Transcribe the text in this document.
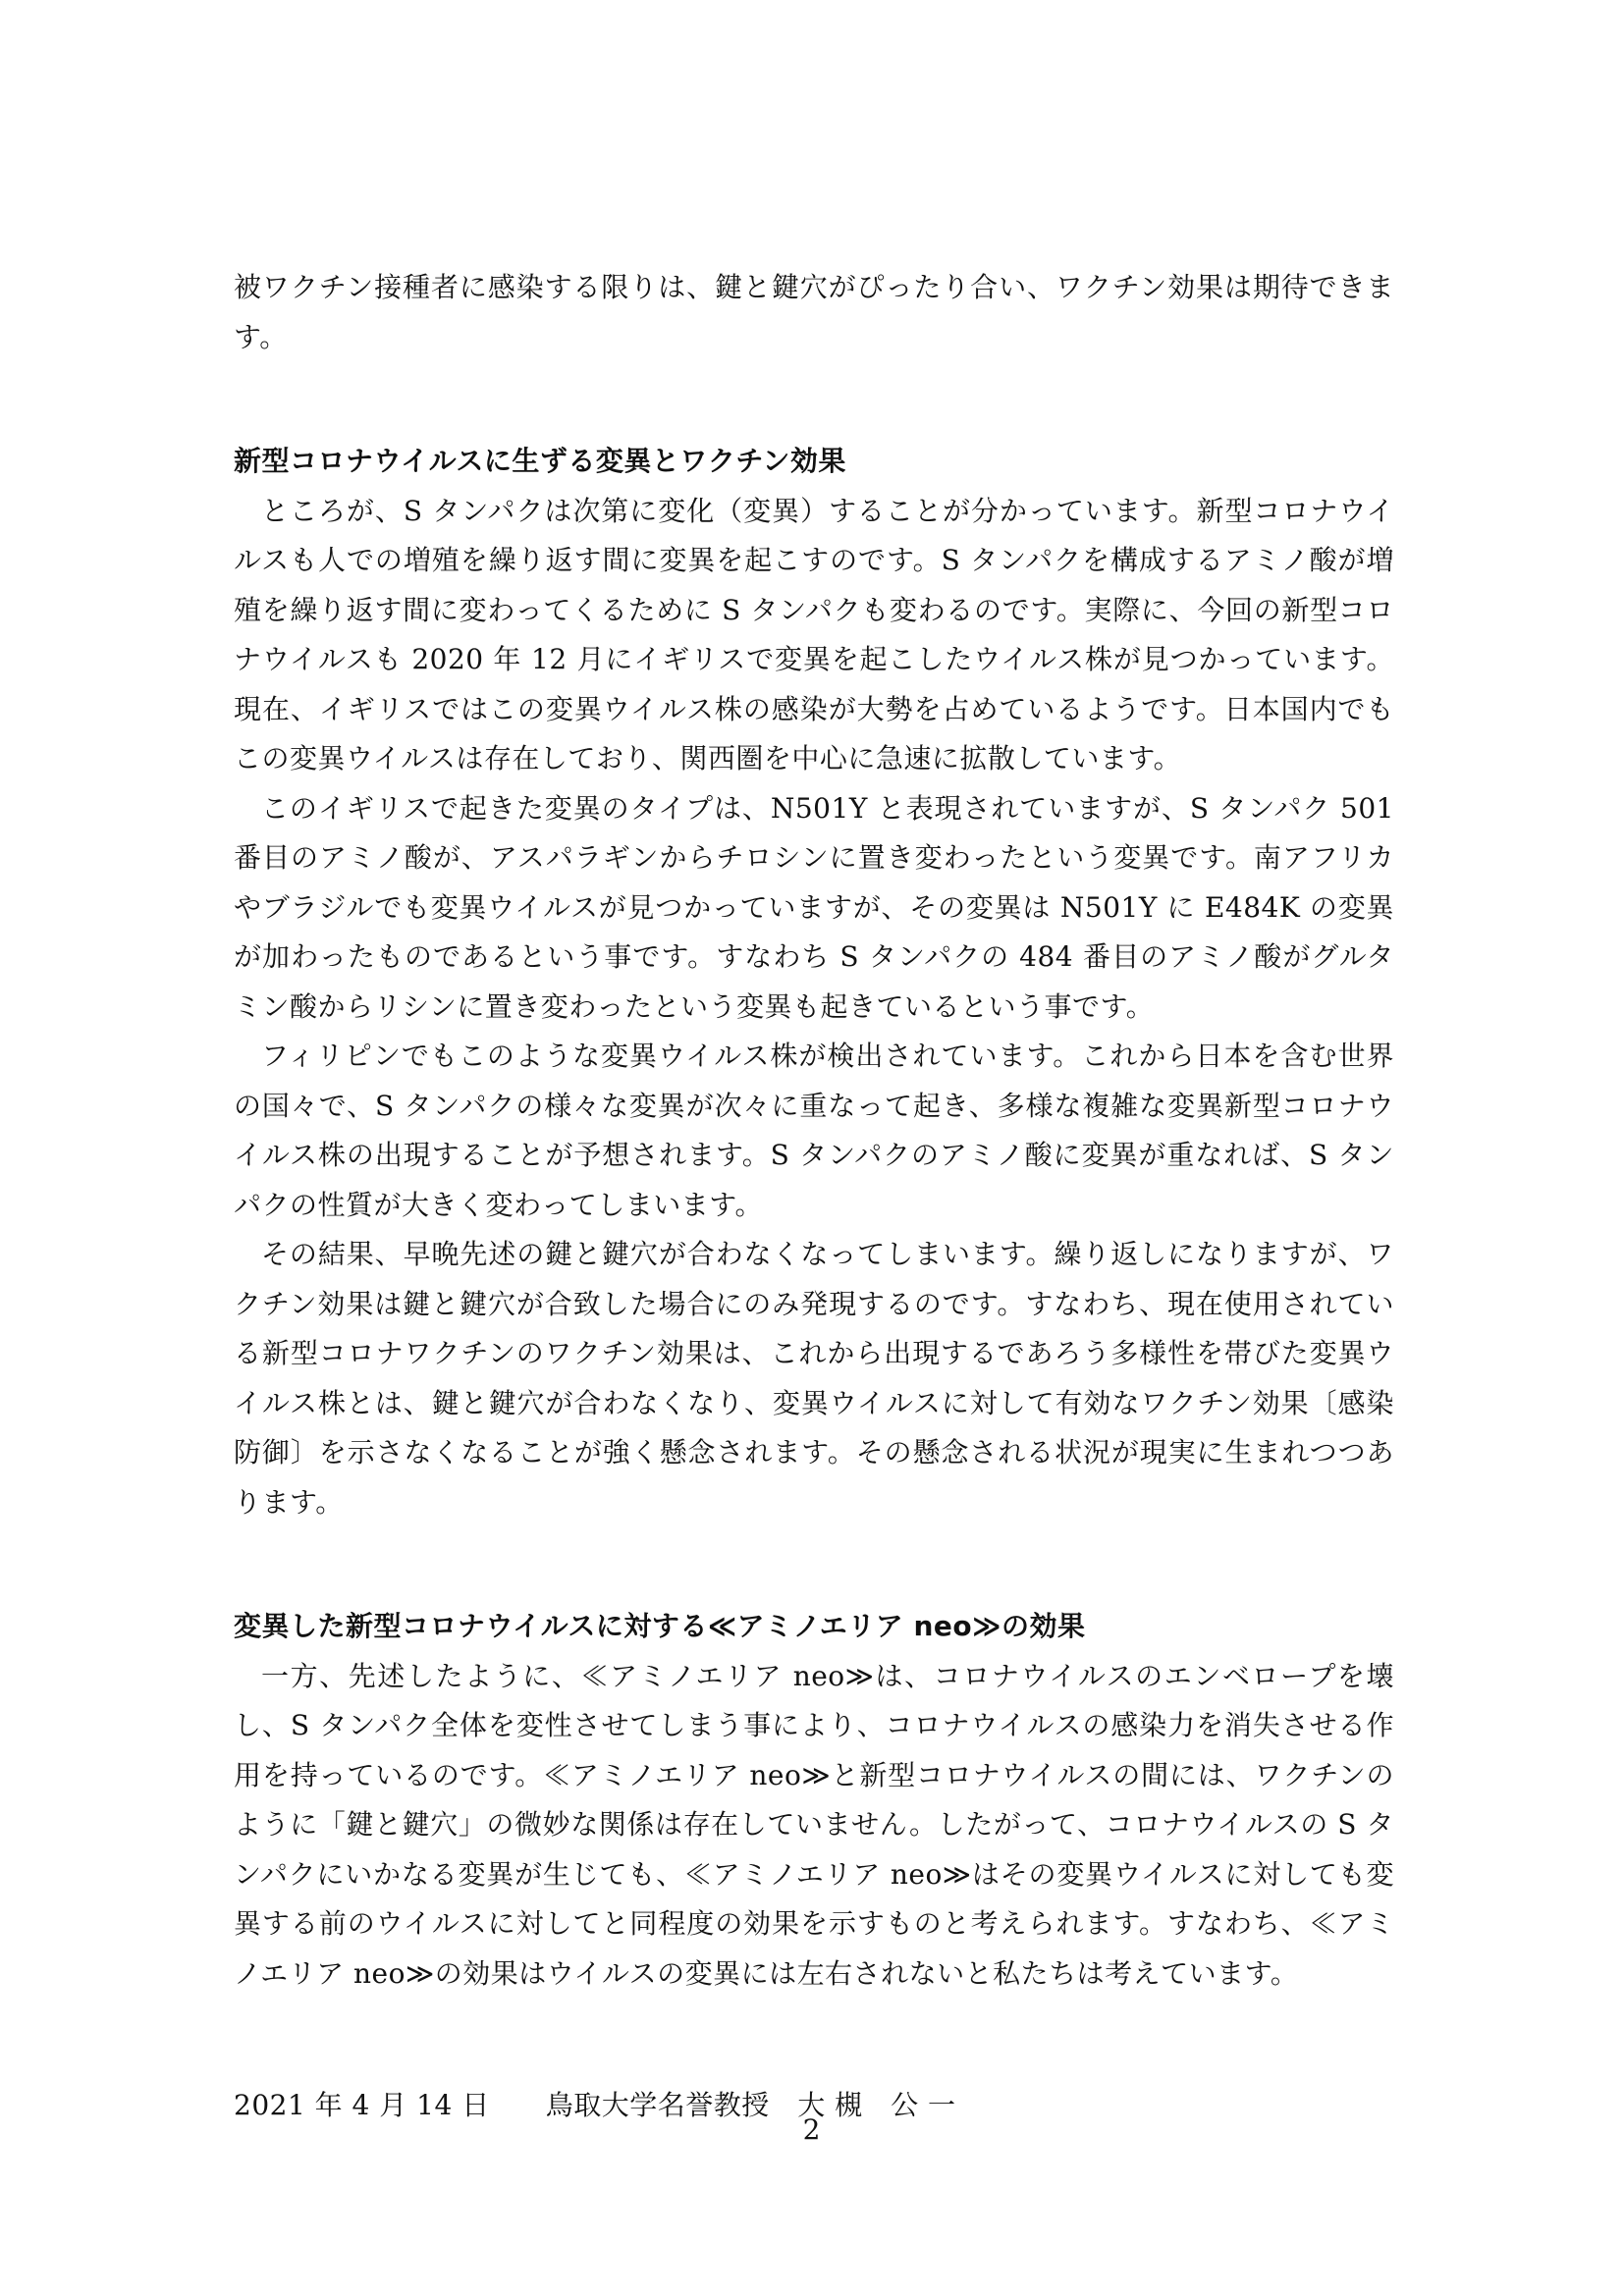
被ワクチン接種者に感染する限りは、鍵と鍵穴がぴったり合い、ワクチン効果は期待できます。

新型コロナウイルスに生ずる変異とワクチン効果

ところが、S タンパクは次第に変化（変異）することが分かっています。新型コロナウイルスも人での増殖を繰り返す間に変異を起こすのです。S タンパクを構成するアミノ酸が増殖を繰り返す間に変わってくるために S タンパクも変わるのです。実際に、今回の新型コロナウイルスも 2020 年 12 月にイギリスで変異を起こしたウイルス株が見つかっています。現在、イギリスではこの変異ウイルス株の感染が大勢を占めているようです。日本国内でもこの変異ウイルスは存在しており、関西圏を中心に急速に拡散しています。

このイギリスで起きた変異のタイプは、N501Y と表現されていますが、S タンパク 501 番目のアミノ酸が、アスパラギンからチロシンに置き変わったという変異です。南アフリカやブラジルでも変異ウイルスが見つかっていますが、その変異は N501Y に E484K の変異が加わったものであるという事です。すなわち S タンパクの 484 番目のアミノ酸がグルタミン酸からリシンに置き変わったという変異も起きているという事です。

フィリピンでもこのような変異ウイルス株が検出されています。これから日本を含む世界の国々で、S タンパクの様々な変異が次々に重なって起き、多様な複雑な変異新型コロナウイルス株の出現することが予想されます。S タンパクのアミノ酸に変異が重なれば、S タンパクの性質が大きく変わってしまいます。

その結果、早晩先述の鍵と鍵穴が合わなくなってしまいます。繰り返しになりますが、ワクチン効果は鍵と鍵穴が合致した場合にのみ発現するのです。すなわち、現在使用されている新型コロナワクチンのワクチン効果は、これから出現するであろう多様性を帯びた変異ウイルス株とは、鍵と鍵穴が合わなくなり、変異ウイルスに対して有効なワクチン効果〔感染防御〕を示さなくなることが強く懸念されます。その懸念される状況が現実に生まれつつあります。

変異した新型コロナウイルスに対する≪アミノエリア neo≫の効果

一方、先述したように、≪アミノエリア neo≫は、コロナウイルスのエンベロープを壊し、S タンパク全体を変性させてしまう事により、コロナウイルスの感染力を消失させる作用を持っているのです。≪アミノエリア neo≫と新型コロナウイルスの間には、ワクチンのように「鍵と鍵穴」の微妙な関係は存在していません。したがって、コロナウイルスの S タンパクにいかなる変異が生じても、≪アミノエリア neo≫はその変異ウイルスに対しても変異する前のウイルスに対してと同程度の効果を示すものと考えられます。すなわち、≪アミノエリア neo≫の効果はウイルスの変異には左右されないと私たちは考えています。

2021 年 4 月 14 日　　鳥取大学名誉教授　大 槻　公 一

2
